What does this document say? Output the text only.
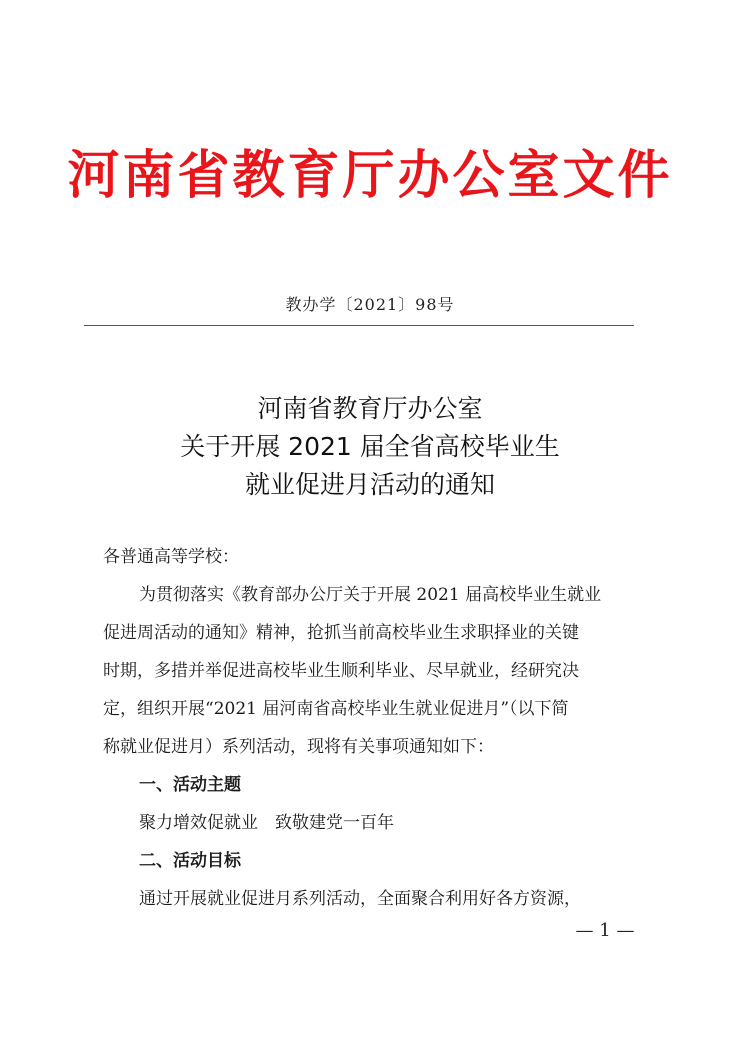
河南省教育厅办公室文件
教办学〔2021〕98号
河南省教育厅办公室
关于开展 2021 届全省高校毕业生
就业促进月活动的通知

各普通高等学校：

为贯彻落实《教育部办公厅关于开展 2021 届高校毕业生就业

促进周活动的通知》精神，抢抓当前高校毕业生求职择业的关键

时期，多措并举促进高校毕业生顺利毕业、尽早就业，经研究决

定，组织开展“2021 届河南省高校毕业生就业促进月”（以下简

称就业促进月）系列活动，现将有关事项通知如下：

一、活动主题

聚力增效促就业　致敬建党一百年

二、活动目标

通过开展就业促进月系列活动，全面聚合利用好各方资源，

— 1 —
